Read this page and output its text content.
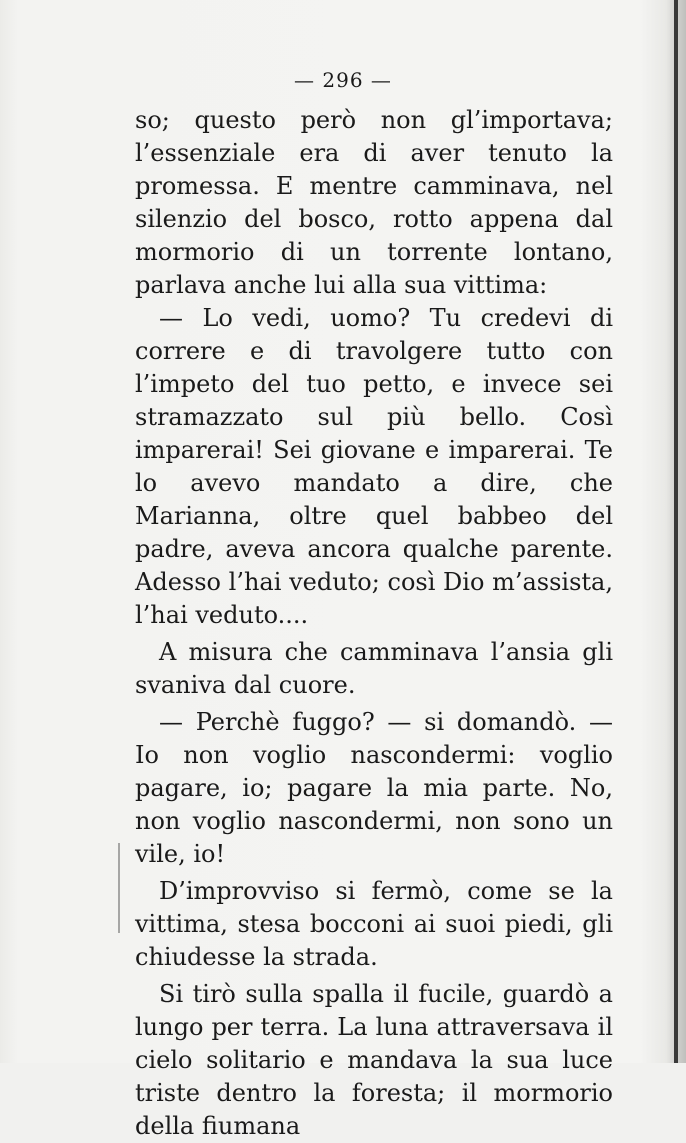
— 296 —

so; questo però non gl’importava; l’essenziale era di aver tenuto la promessa. E mentre camminava, nel silenzio del bosco, rotto appena dal mormorio di un torrente lontano, parlava anche lui alla sua vittima:

— Lo vedi, uomo? Tu credevi di correre e di travolgere tutto con l’impeto del tuo petto, e invece sei stramazzato sul più bello. Così imparerai! Sei giovane e imparerai. Te lo avevo mandato a dire, che Marianna, oltre quel babbeo del padre, aveva ancora qualche parente. Adesso l’hai veduto; così Dio m’assista, l’hai veduto....

A misura che camminava l’ansia gli svaniva dal cuore.

— Perchè fuggo? — si domandò. — Io non voglio nascondermi: voglio pagare, io; pagare la mia parte. No, non voglio nascondermi, non sono un vile, io!

D’improvviso si fermò, come se la vittima, stesa bocconi ai suoi piedi, gli chiudesse la strada.

Si tirò sulla spalla il fucile, guardò a lungo per terra. La luna attraversava il cielo solitario e mandava la sua luce triste dentro la foresta; il mormorio della fiumana
